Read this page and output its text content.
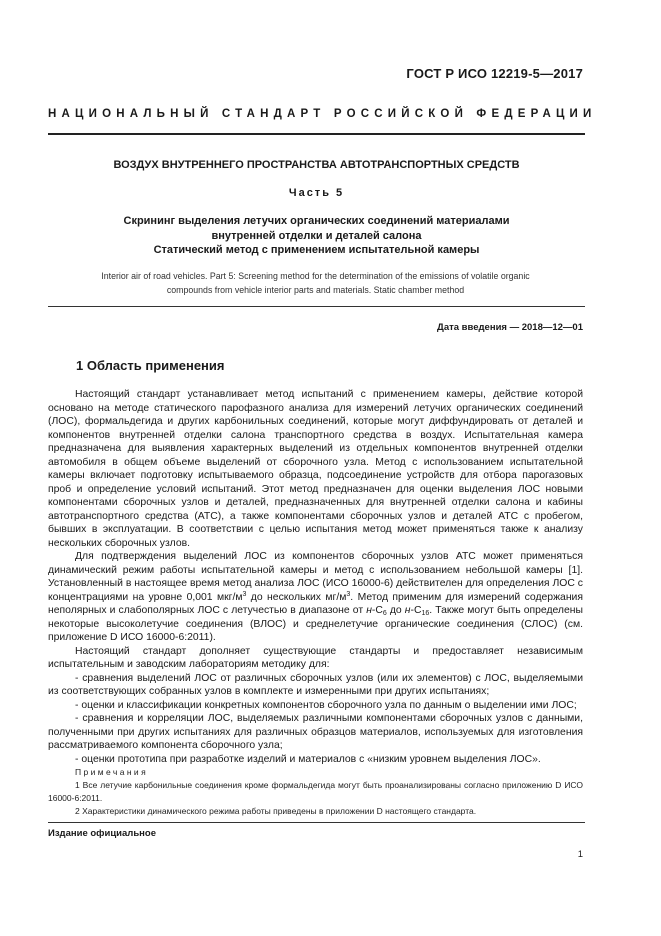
ГОСТ Р ИСО 12219-5—2017
НАЦИОНАЛЬНЫЙ СТАНДАРТ РОССИЙСКОЙ ФЕДЕРАЦИИ
ВОЗДУХ ВНУТРЕННЕГО ПРОСТРАНСТВА АВТОТРАНСПОРТНЫХ СРЕДСТВ
Часть 5
Скрининг выделения летучих органических соединений материалами
внутренней отделки и деталей салона
Статический метод с применением испытательной камеры
Interior air of road vehicles. Part 5: Screening method for the determination of the emissions of volatile organic
compounds from vehicle interior parts and materials. Static chamber method
Дата введения — 2018—12—01
1 Область применения

Настоящий стандарт устанавливает метод испытаний с применением камеры, действие которой основано на методе статического парофазного анализа для измерений летучих органических соединений (ЛОС), формальдегида и других карбонильных соединений, которые могут диффундировать от деталей и компонентов внутренней отделки салона транспортного средства в воздух. Испытательная камера предназначена для выявления характерных выделений из отдельных компонентов внутренней отделки автомобиля в общем объеме выделений от сборочного узла. Метод с использованием испытательной камеры включает подготовку испытываемого образца, подсоединение устройств для отбора парогазовых проб и определение условий испытаний. Этот метод предназначен для оценки выделения ЛОС новыми компонентами сборочных узлов и деталей, предназначенных для внутренней отделки салона и кабины автотранспортного средства (АТС), а также компонентами сборочных узлов и деталей АТС с пробегом, бывших в эксплуатации. В соответствии с целью испытания метод может применяться также к анализу нескольких сборочных узлов.

Для подтверждения выделений ЛОС из компонентов сборочных узлов АТС может применяться динамический режим работы испытательной камеры и метод с использованием небольшой камеры [1]. Установленный в настоящее время метод анализа ЛОС (ИСО 16000-6) действителен для определения ЛОС с концентрациями на уровне 0,001 мкг/$м^3$ до нескольких $мг/м^3$. Метод применим для измерений содержания неполярных и слабополярных ЛОС с летучестью в диапазоне от $н-С_6$ до $н-С_{16}$. Также могут быть определены некоторые высоколетучие соединения (ВЛОС) и среднелетучие органические соединения (СЛОС) (см. приложение D ИСО 16000-6:2011).

Настоящий стандарт дополняет существующие стандарты и предоставляет независимым испытательным и заводским лабораториям методику для:

- сравнения выделений ЛОС от различных сборочных узлов (или их элементов) с ЛОС, выделяемыми из соответствующих собранных узлов в комплекте и измеренными при других испытаниях;

- оценки и классификации конкретных компонентов сборочного узла по данным о выделении ими ЛОС;

- сравнения и корреляции ЛОС, выделяемых различными компонентами сборочных узлов с данными, полученными при других испытаниях для различных образцов материалов, используемых для изготовления рассматриваемого компонента сборочного узла;

- оценки прототипа при разработке изделий и материалов с «низким уровнем выделения ЛОС».

Примечания

1 Все летучие карбонильные соединения кроме формальдегида могут быть проанализированы согласно приложению D ИСО 16000-6:2011.

2 Характеристики динамического режима работы приведены в приложении D настоящего стандарта.

Издание официальное
1
